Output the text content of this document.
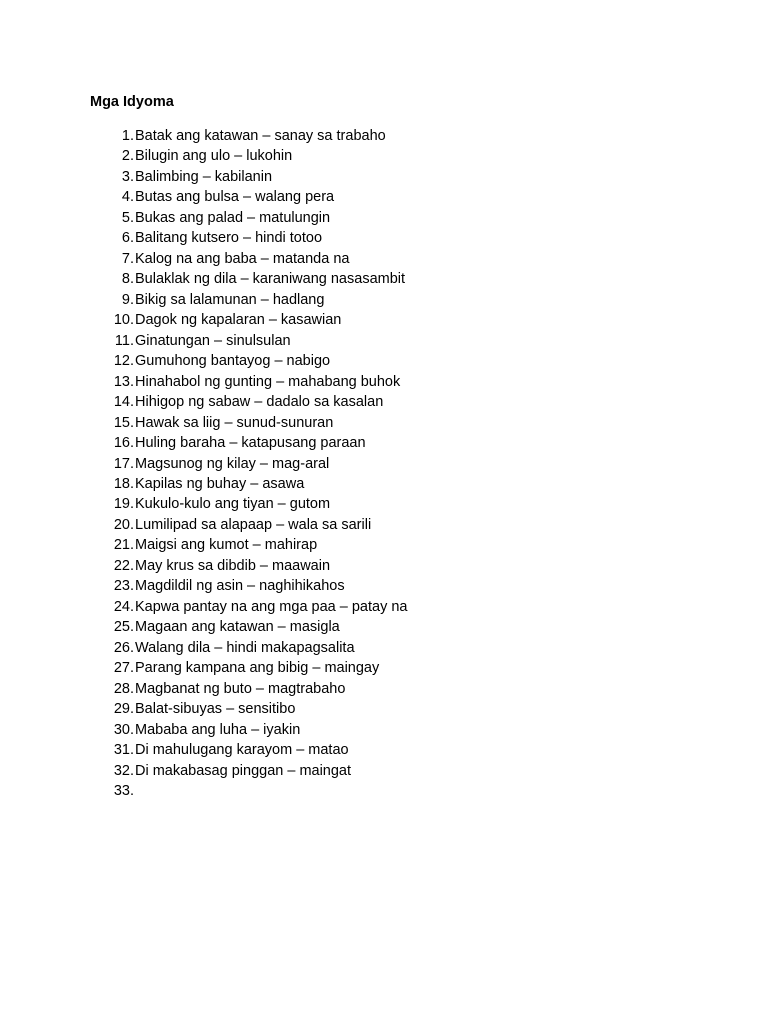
Mga Idyoma
1. Batak ang katawan – sanay sa trabaho
2. Bilugin ang ulo – lukohin
3. Balimbing – kabilanin
4. Butas ang bulsa – walang pera
5. Bukas ang palad – matulungin
6. Balitang kutsero – hindi totoo
7. Kalog na ang baba – matanda na
8. Bulaklak ng dila – karaniwang nasasambit
9. Bikig sa lalamunan – hadlang
10. Dagok ng kapalaran – kasawian
11. Ginatungan – sinulsulan
12. Gumuhong bantayog – nabigo
13. Hinahabol ng gunting – mahabang buhok
14. Hihigop ng sabaw – dadalo sa kasalan
15. Hawak sa liig – sunud-sunuran
16. Huling baraha – katapusang paraan
17. Magsunog ng kilay – mag-aral
18. Kapilas ng buhay – asawa
19. Kukulo-kulo ang tiyan – gutom
20. Lumilipad sa alapaap – wala sa sarili
21. Maigsi ang kumot – mahirap
22. May krus sa dibdib – maawain
23. Magdildil ng asin – naghihikahos
24. Kapwa pantay na ang mga paa – patay na
25. Magaan ang katawan – masigla
26. Walang dila – hindi makapagsalita
27. Parang kampana ang bibig – maingay
28. Magbanat ng buto – magtrabaho
29. Balat-sibuyas – sensitibo
30. Mababa ang luha – iyakin
31. Di mahulugang karayom – matao
32. Di makabasag pinggan – maingat
33.
